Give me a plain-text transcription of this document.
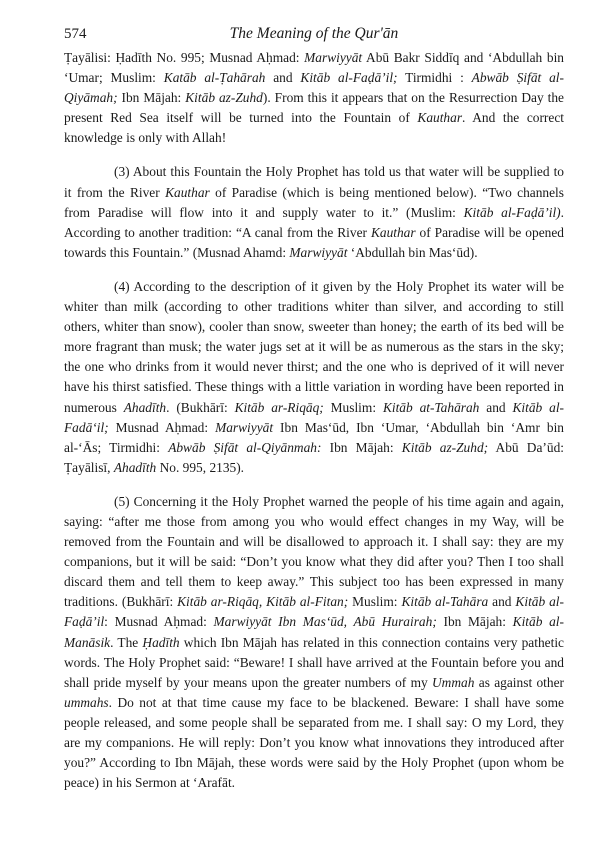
574	The Meaning of the Qur'ān

Ṭayālisi: Ḥadīth No. 995; Musnad Aḥmad: Marwiyyāt Abū Bakr Siddīq and ‘Abdullah bin ‘Umar; Muslim: Katāb al-Ṭahārah and Kitāb al-Faḍā’il; Tirmidhi : Abwāb Ṣifāt al-Qiyāmah; Ibn Mājah: Kitāb az-Zuhd). From this it appears that on the Resurrection Day the present Red Sea itself will be turned into the Fountain of Kauthar. And the correct knowledge is only with Allah!

(3) About this Fountain the Holy Prophet has told us that water will be supplied to it from the River Kauthar of Paradise (which is being mentioned below). “Two channels from Paradise will flow into it and supply water to it.” (Muslim: Kitāb al-Faḍā’il). According to another tradition: “A canal from the River Kauthar of Paradise will be opened towards this Fountain.” (Musnad Ahamd: Marwiyyāt ‘Abdullah bin Mas‘ūd).

(4) According to the description of it given by the Holy Prophet its water will be whiter than milk (according to other traditions whiter than silver, and according to still others, whiter than snow), cooler than snow, sweeter than honey; the earth of its bed will be more fragrant than musk; the water jugs set at it will be as numerous as the stars in the sky; the one who drinks from it would never thirst; and the one who is deprived of it will never have his thirst satisfied. These things with a little variation in wording have been reported in numerous Ahadīth. (Bukhārī: Kitāb ar-Riqāq; Muslim: Kitāb at-Tahārah and Kitāb al-Fadā‘il; Musnad Aḥmad: Marwiyyāt Ibn Mas‘ūd, Ibn ‘Umar, ‘Abdullah bin ‘Amr bin al-‘Ās; Tirmidhi: Abwāb Ṣifāt al-Qiyānmah: Ibn Mājah: Kitāb az-Zuhd; Abū Da’ūd: Ṭayālisī, Ahadīth No. 995, 2135).

(5) Concerning it the Holy Prophet warned the people of his time again and again, saying: “after me those from among you who would effect changes in my Way, will be removed from the Fountain and will be disallowed to approach it. I shall say: they are my companions, but it will be said: “Don’t you know what they did after you? Then I too shall discard them and tell them to keep away.” This subject too has been expressed in many traditions. (Bukhārī: Kitāb ar-Riqāq, Kitāb al-Fitan; Muslim: Kitāb al-Tahāra and Kitāb al-Faḍā’il: Musnad Aḥmad: Marwiyyāt Ibn Mas‘ūd, Abū Hurairah; Ibn Mājah: Kitāb al-Manāsik. The Ḥadīth which Ibn Mājah has related in this connection contains very pathetic words. The Holy Prophet said: “Beware! I shall have arrived at the Fountain before you and shall pride myself by your means upon the greater numbers of my Ummah as against other ummahs. Do not at that time cause my face to be blackened. Beware: I shall have some people released, and some people shall be separated from me. I shall say: O my Lord, they are my companions. He will reply: Don’t you know what innovations they introduced after you?” According to Ibn Mājah, these words were said by the Holy Prophet (upon whom be peace) in his Sermon at ‘Arafāt.
